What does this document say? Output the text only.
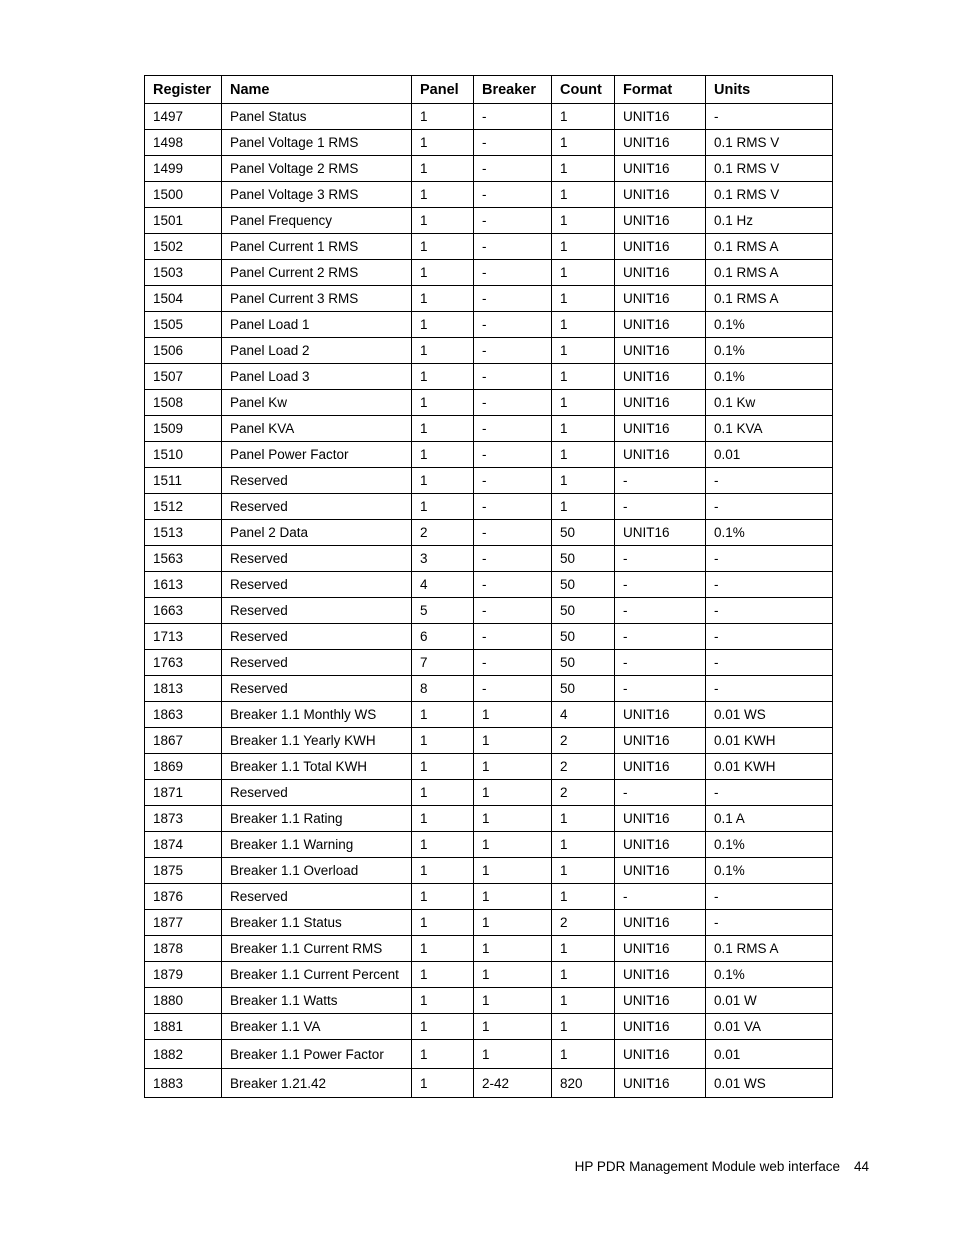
Register	Name	Panel	Breaker	Count	Format	Units
1497	Panel Status	1	-	1	UNIT16	-
1498	Panel Voltage 1 RMS	1	-	1	UNIT16	0.1 RMS V
1499	Panel Voltage 2 RMS	1	-	1	UNIT16	0.1 RMS V
1500	Panel Voltage 3 RMS	1	-	1	UNIT16	0.1 RMS V
1501	Panel Frequency	1	-	1	UNIT16	0.1 Hz
1502	Panel Current 1 RMS	1	-	1	UNIT16	0.1 RMS A
1503	Panel Current 2 RMS	1	-	1	UNIT16	0.1 RMS A
1504	Panel Current 3 RMS	1	-	1	UNIT16	0.1 RMS A
1505	Panel Load 1	1	-	1	UNIT16	0.1%
1506	Panel Load 2	1	-	1	UNIT16	0.1%
1507	Panel Load 3	1	-	1	UNIT16	0.1%
1508	Panel Kw	1	-	1	UNIT16	0.1 Kw
1509	Panel KVA	1	-	1	UNIT16	0.1 KVA
1510	Panel Power Factor	1	-	1	UNIT16	0.01
1511	Reserved	1	-	1	-	-
1512	Reserved	1	-	1	-	-
1513	Panel 2 Data	2	-	50	UNIT16	0.1%
1563	Reserved	3	-	50	-	-
1613	Reserved	4	-	50	-	-
1663	Reserved	5	-	50	-	-
1713	Reserved	6	-	50	-	-
1763	Reserved	7	-	50	-	-
1813	Reserved	8	-	50	-	-
1863	Breaker 1.1 Monthly WS	1	1	4	UNIT16	0.01 WS
1867	Breaker 1.1 Yearly KWH	1	1	2	UNIT16	0.01 KWH
1869	Breaker 1.1 Total KWH	1	1	2	UNIT16	0.01 KWH
1871	Reserved	1	1	2	-	-
1873	Breaker 1.1 Rating	1	1	1	UNIT16	0.1 A
1874	Breaker 1.1 Warning	1	1	1	UNIT16	0.1%
1875	Breaker 1.1 Overload	1	1	1	UNIT16	0.1%
1876	Reserved	1	1	1	-	-
1877	Breaker 1.1 Status	1	1	2	UNIT16	-
1878	Breaker 1.1 Current RMS	1	1	1	UNIT16	0.1 RMS A
1879	Breaker 1.1 Current Percent	1	1	1	UNIT16	0.1%
1880	Breaker 1.1 Watts	1	1	1	UNIT16	0.01 W
1881	Breaker 1.1 VA	1	1	1	UNIT16	0.01 VA
1882	Breaker 1.1 Power Factor	1	1	1	UNIT16	0.01
1883	Breaker 1.21.42	1	2-42	820	UNIT16	0.01 WS
HP PDR Management Module web interface 44
